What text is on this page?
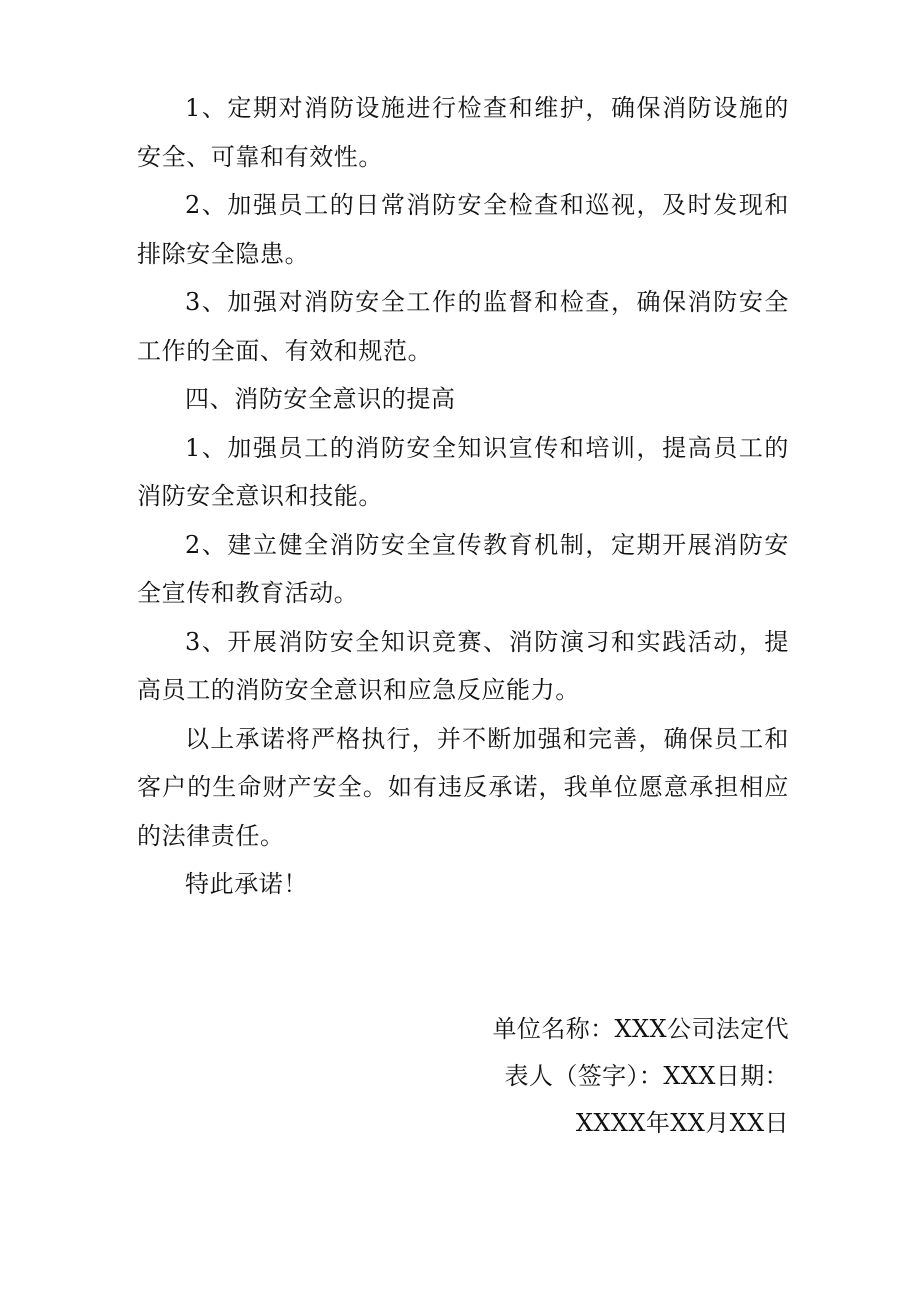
1、定期对消防设施进行检查和维护，确保消防设施的安全、可靠和有效性。

2、加强员工的日常消防安全检查和巡视，及时发现和排除安全隐患。

3、加强对消防安全工作的监督和检查，确保消防安全工作的全面、有效和规范。

四、消防安全意识的提高

1、加强员工的消防安全知识宣传和培训，提高员工的消防安全意识和技能。

2、建立健全消防安全宣传教育机制，定期开展消防安全宣传和教育活动。

3、开展消防安全知识竞赛、消防演习和实践活动，提高员工的消防安全意识和应急反应能力。

以上承诺将严格执行，并不断加强和完善，确保员工和客户的生命财产安全。如有违反承诺，我单位愿意承担相应的法律责任。

特此承诺！

单位名称：XXX公司法定代
表人（签字）：XXX日期：
XXXX年XX月XX日
